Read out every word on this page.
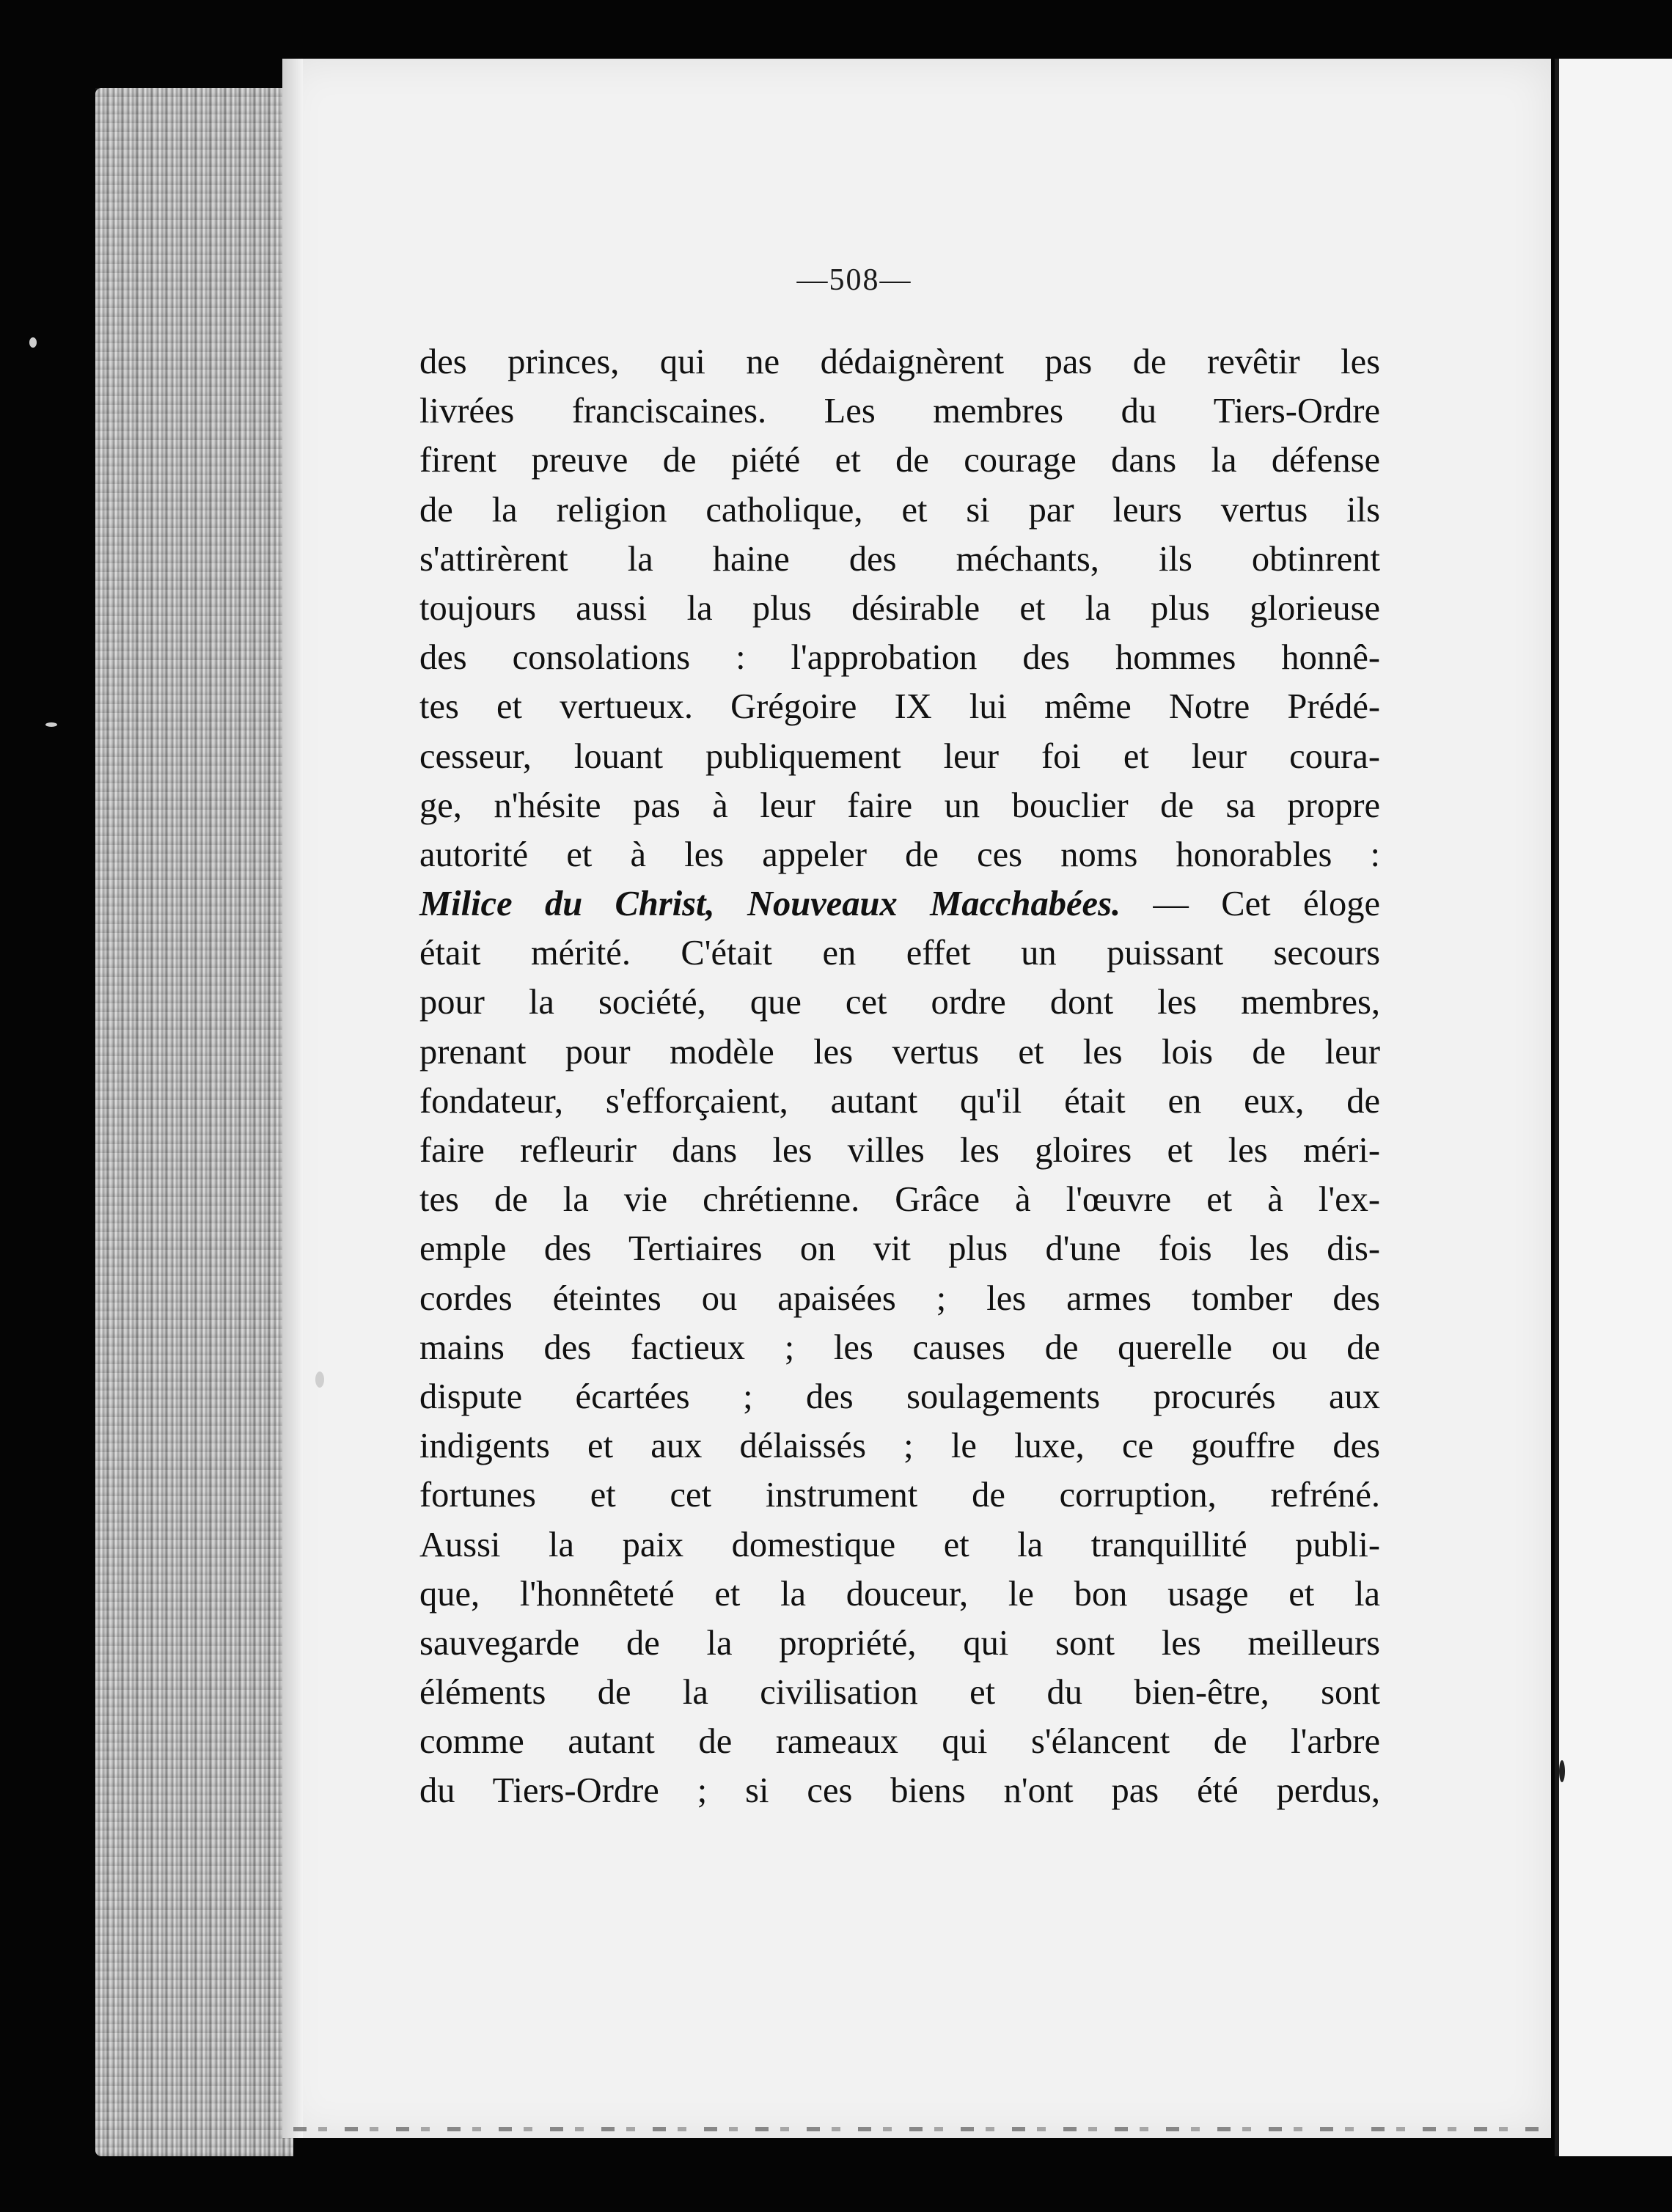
—508—
des princes, qui ne dédaignèrent pas de revêtir les
livrées franciscaines. Les membres du Tiers-Ordre
firent preuve de piété et de courage dans la défense
de la religion catholique, et si par leurs vertus ils
s'attirèrent la haine des méchants, ils obtinrent
toujours aussi la plus désirable et la plus glorieuse
des consolations : l'approbation des hommes honnê-
tes et vertueux. Grégoire IX lui même Notre Prédé-
cesseur, louant publiquement leur foi et leur coura-
ge, n'hésite pas à leur faire un bouclier de sa propre
autorité et à les appeler de ces noms honorables :
Milice du Christ, Nouveaux Macchabées. — Cet éloge
était mérité. C'était en effet un puissant secours
pour la société, que cet ordre dont les membres,
prenant pour modèle les vertus et les lois de leur
fondateur, s'efforçaient, autant qu'il était en eux, de
faire refleurir dans les villes les gloires et les méri-
tes de la vie chrétienne. Grâce à l'œuvre et à l'ex-
emple des Tertiaires on vit plus d'une fois les dis-
cordes éteintes ou apaisées ; les armes tomber des
mains des factieux ; les causes de querelle ou de
dispute écartées ; des soulagements procurés aux
indigents et aux délaissés ; le luxe, ce gouffre des
fortunes et cet instrument de corruption, refréné.
Aussi la paix domestique et la tranquillité publi-
que, l'honnêteté et la douceur, le bon usage et la
sauvegarde de la propriété, qui sont les meilleurs
éléments de la civilisation et du bien-être, sont
comme autant de rameaux qui s'élancent de l'arbre
du Tiers-Ordre ; si ces biens n'ont pas été perdus,
